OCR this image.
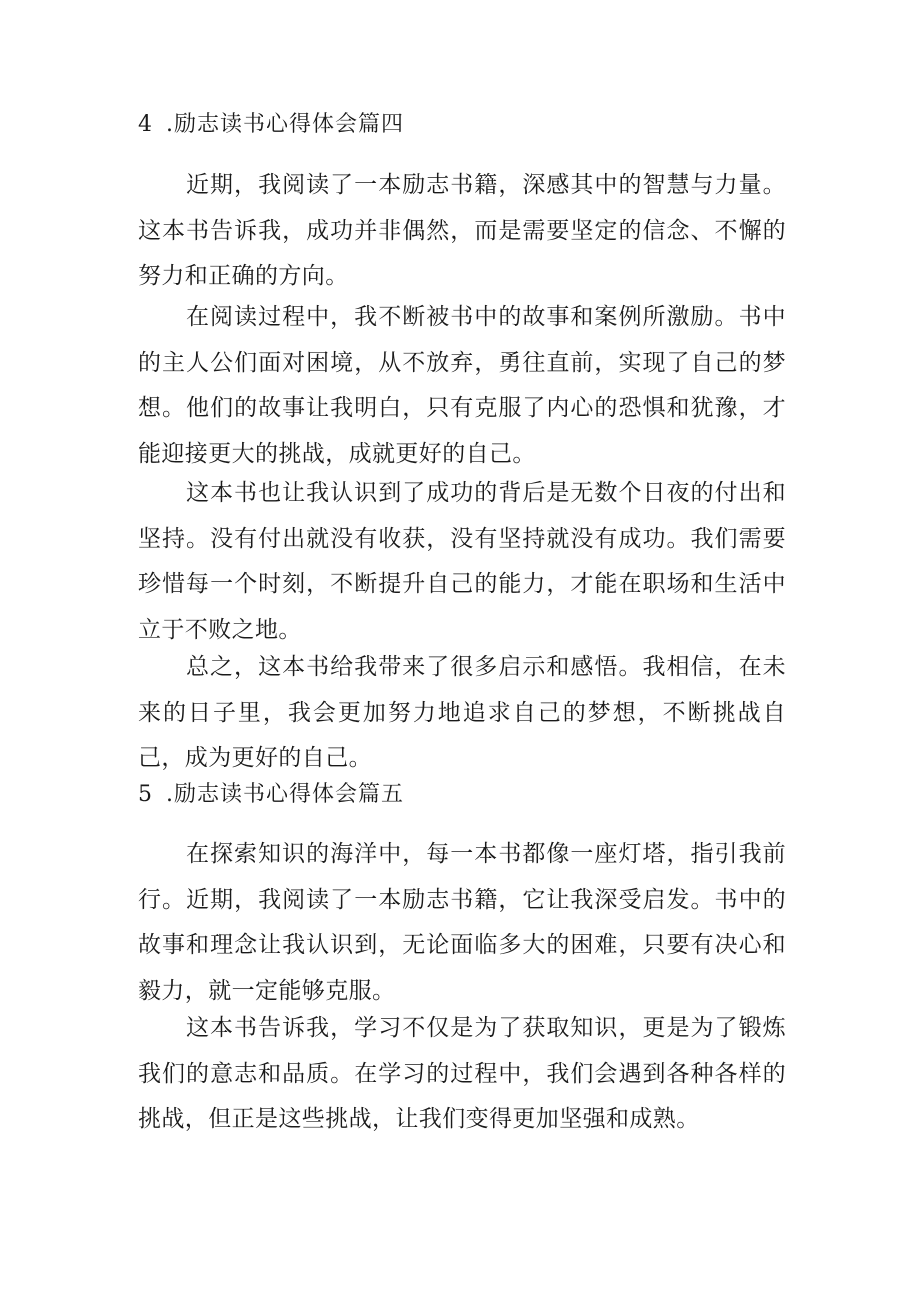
4 .励志读书心得体会篇四

近期，我阅读了一本励志书籍，深感其中的智慧与力量。这本书告诉我，成功并非偶然，而是需要坚定的信念、不懈的努力和正确的方向。

在阅读过程中，我不断被书中的故事和案例所激励。书中的主人公们面对困境，从不放弃，勇往直前，实现了自己的梦想。他们的故事让我明白，只有克服了内心的恐惧和犹豫，才能迎接更大的挑战，成就更好的自己。

这本书也让我认识到了成功的背后是无数个日夜的付出和坚持。没有付出就没有收获，没有坚持就没有成功。我们需要珍惜每一个时刻，不断提升自己的能力，才能在职场和生活中立于不败之地。

总之，这本书给我带来了很多启示和感悟。我相信，在未来的日子里，我会更加努力地追求自己的梦想，不断挑战自己，成为更好的自己。

5 .励志读书心得体会篇五

在探索知识的海洋中，每一本书都像一座灯塔，指引我前行。近期，我阅读了一本励志书籍，它让我深受启发。书中的故事和理念让我认识到，无论面临多大的困难，只要有决心和毅力，就一定能够克服。

这本书告诉我，学习不仅是为了获取知识，更是为了锻炼我们的意志和品质。在学习的过程中，我们会遇到各种各样的挑战，但正是这些挑战，让我们变得更加坚强和成熟。
